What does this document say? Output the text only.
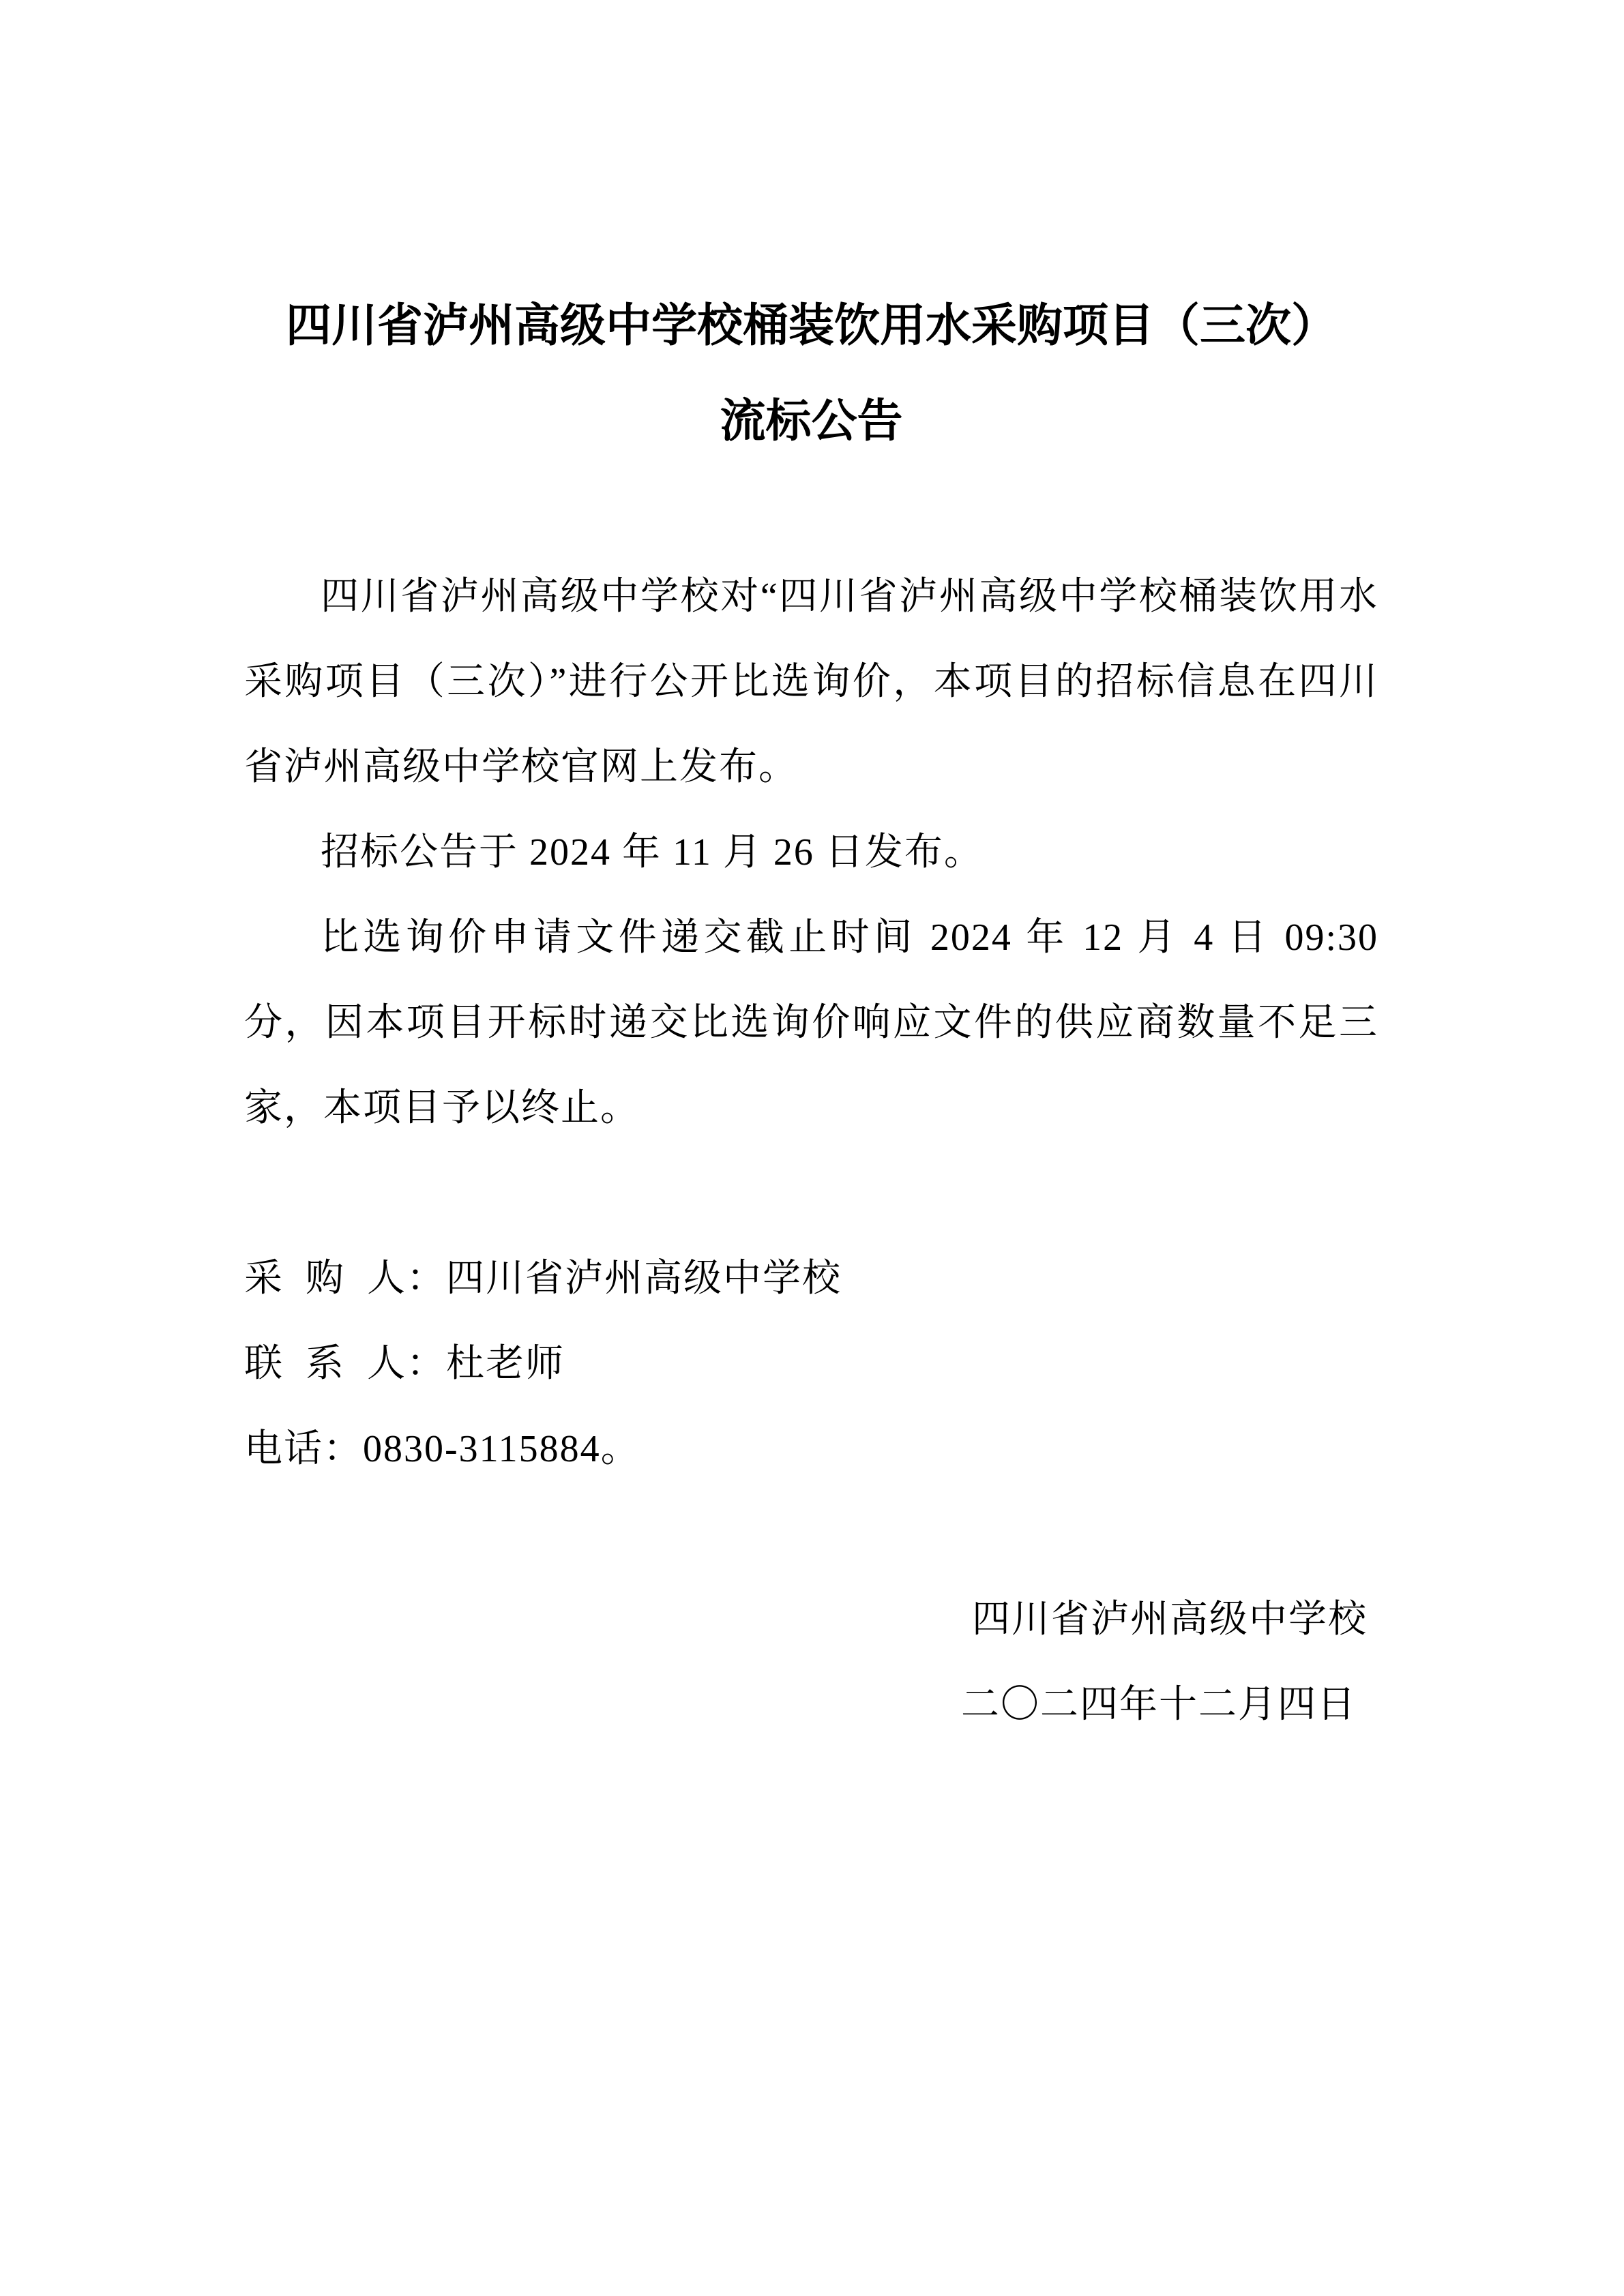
四川省泸州高级中学校桶装饮用水采购项目（三次）
流标公告

四川省泸州高级中学校对“四川省泸州高级中学校桶装饮用水采购项目（三次）”进行公开比选询价，本项目的招标信息在四川省泸州高级中学校官网上发布。

招标公告于 2024 年 11 月 26 日发布。

比选询价申请文件递交截止时间 2024 年 12 月 4 日 09:30 分，因本项目开标时递交比选询价响应文件的供应商数量不足三家，本项目予以终止。

采  购  人：四川省泸州高级中学校

联  系  人：杜老师

电话：0830-3115884。

四川省泸州高级中学校

二〇二四年十二月四日
